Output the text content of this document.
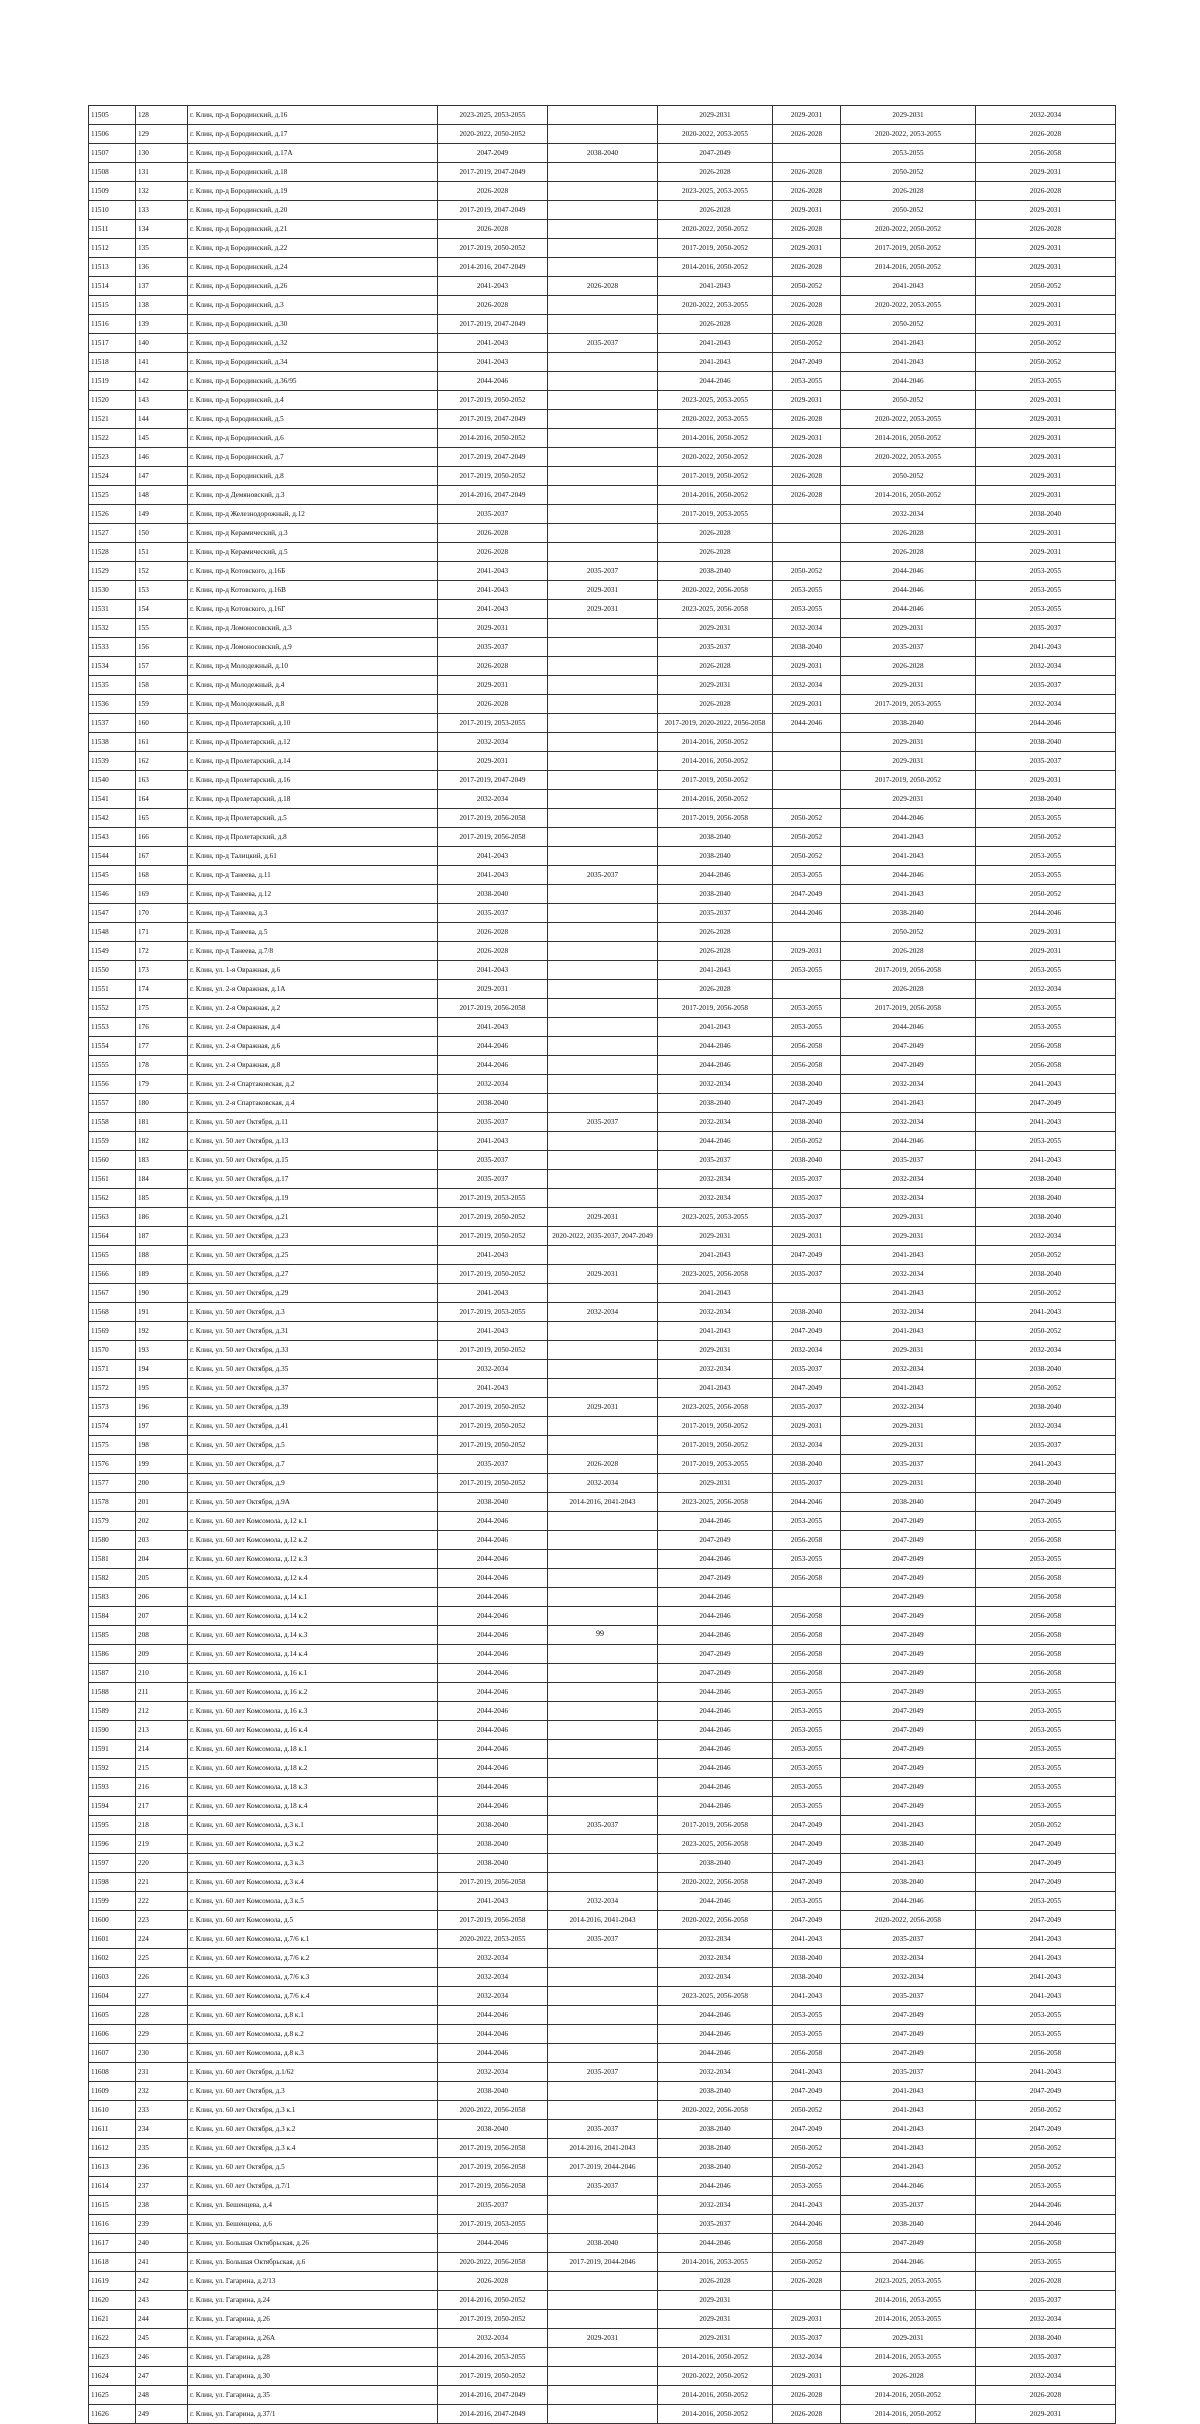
11505	128	г. Клин, пр-д Бородинский, д.16	2023-2025, 2053-2055		2029-2031	2029-2031	2029-2031	2032-2034
11506	129	г. Клин, пр-д Бородинский, д.17	2020-2022, 2050-2052		2020-2022, 2053-2055	2026-2028	2020-2022, 2053-2055	2026-2028
11507	130	г. Клин, пр-д Бородинский, д.17А	2047-2049	2038-2040	2047-2049		2053-2055	2056-2058
11508	131	г. Клин, пр-д Бородинский, д.18	2017-2019, 2047-2049		2026-2028	2026-2028	2050-2052	2029-2031
11509	132	г. Клин, пр-д Бородинский, д.19	2026-2028		2023-2025, 2053-2055	2026-2028	2026-2028	2026-2028
11510	133	г. Клин, пр-д Бородинский, д.20	2017-2019, 2047-2049		2026-2028	2029-2031	2050-2052	2029-2031
11511	134	г. Клин, пр-д Бородинский, д.21	2026-2028		2020-2022, 2050-2052	2026-2028	2020-2022, 2050-2052	2026-2028
11512	135	г. Клин, пр-д Бородинский, д.22	2017-2019, 2050-2052		2017-2019, 2050-2052	2029-2031	2017-2019, 2050-2052	2029-2031
11513	136	г. Клин, пр-д Бородинский, д.24	2014-2016, 2047-2049		2014-2016, 2050-2052	2026-2028	2014-2016, 2050-2052	2029-2031
11514	137	г. Клин, пр-д Бородинский, д.26	2041-2043	2026-2028	2041-2043	2050-2052	2041-2043	2050-2052
11515	138	г. Клин, пр-д Бородинский, д.3	2026-2028		2020-2022, 2053-2055	2026-2028	2020-2022, 2053-2055	2029-2031
11516	139	г. Клин, пр-д Бородинский, д.30	2017-2019, 2047-2049		2026-2028	2026-2028	2050-2052	2029-2031
11517	140	г. Клин, пр-д Бородинский, д.32	2041-2043	2035-2037	2041-2043	2050-2052	2041-2043	2050-2052
11518	141	г. Клин, пр-д Бородинский, д.34	2041-2043		2041-2043	2047-2049	2041-2043	2050-2052
11519	142	г. Клин, пр-д Бородинский, д.36/95	2044-2046		2044-2046	2053-2055	2044-2046	2053-2055
11520	143	г. Клин, пр-д Бородинский, д.4	2017-2019, 2050-2052		2023-2025, 2053-2055	2029-2031	2050-2052	2029-2031
11521	144	г. Клин, пр-д Бородинский, д.5	2017-2019, 2047-2049		2020-2022, 2053-2055	2026-2028	2020-2022, 2053-2055	2029-2031
11522	145	г. Клин, пр-д Бородинский, д.6	2014-2016, 2050-2052		2014-2016, 2050-2052	2029-2031	2014-2016, 2050-2052	2029-2031
11523	146	г. Клин, пр-д Бородинский, д.7	2017-2019, 2047-2049		2020-2022, 2050-2052	2026-2028	2020-2022, 2053-2055	2029-2031
11524	147	г. Клин, пр-д Бородинский, д.8	2017-2019, 2050-2052		2017-2019, 2050-2052	2026-2028	2050-2052	2029-2031
11525	148	г. Клин, пр-д Демяновский, д.3	2014-2016, 2047-2049		2014-2016, 2050-2052	2026-2028	2014-2016, 2050-2052	2029-2031
11526	149	г. Клин, пр-д Железнодорожный, д.12	2035-2037		2017-2019, 2053-2055		2032-2034	2038-2040
11527	150	г. Клин, пр-д Керамический, д.3	2026-2028		2026-2028		2026-2028	2029-2031
11528	151	г. Клин, пр-д Керамический, д.5	2026-2028		2026-2028		2026-2028	2029-2031
11529	152	г. Клин, пр-д Котовского, д.16Б	2041-2043	2035-2037	2038-2040	2050-2052	2044-2046	2053-2055
11530	153	г. Клин, пр-д Котовского, д.16В	2041-2043	2029-2031	2020-2022, 2056-2058	2053-2055	2044-2046	2053-2055
11531	154	г. Клин, пр-д Котовского, д.16Г	2041-2043	2029-2031	2023-2025, 2056-2058	2053-2055	2044-2046	2053-2055
11532	155	г. Клин, пр-д Ломоносовский, д.3	2029-2031		2029-2031	2032-2034	2029-2031	2035-2037
11533	156	г. Клин, пр-д Ломоносовский, д.9	2035-2037		2035-2037	2038-2040	2035-2037	2041-2043
11534	157	г. Клин, пр-д Молодежный, д.10	2026-2028		2026-2028	2029-2031	2026-2028	2032-2034
11535	158	г. Клин, пр-д Молодежный, д.4	2029-2031		2029-2031	2032-2034	2029-2031	2035-2037
11536	159	г. Клин, пр-д Молодежный, д.8	2026-2028		2026-2028	2029-2031	2017-2019, 2053-2055	2032-2034
11537	160	г. Клин, пр-д Пролетарский, д.10	2017-2019, 2053-2055		2017-2019, 2020-2022, 2056-2058	2044-2046	2038-2040	2044-2046
11538	161	г. Клин, пр-д Пролетарский, д.12	2032-2034		2014-2016, 2050-2052		2029-2031	2038-2040
11539	162	г. Клин, пр-д Пролетарский, д.14	2029-2031		2014-2016, 2050-2052		2029-2031	2035-2037
11540	163	г. Клин, пр-д Пролетарский, д.16	2017-2019, 2047-2049		2017-2019, 2050-2052		2017-2019, 2050-2052	2029-2031
11541	164	г. Клин, пр-д Пролетарский, д.18	2032-2034		2014-2016, 2050-2052		2029-2031	2038-2040
11542	165	г. Клин, пр-д Пролетарский, д.5	2017-2019, 2056-2058		2017-2019, 2056-2058	2050-2052	2044-2046	2053-2055
11543	166	г. Клин, пр-д Пролетарский, д.8	2017-2019, 2056-2058		2038-2040	2050-2052	2041-2043	2050-2052
11544	167	г. Клин, пр-д Талицкий, д.61	2041-2043		2038-2040	2050-2052	2041-2043	2053-2055
11545	168	г. Клин, пр-д Танеева, д.11	2041-2043	2035-2037	2044-2046	2053-2055	2044-2046	2053-2055
11546	169	г. Клин, пр-д Танеева, д.12	2038-2040		2038-2040	2047-2049	2041-2043	2050-2052
11547	170	г. Клин, пр-д Танеева, д.3	2035-2037		2035-2037	2044-2046	2038-2040	2044-2046
11548	171	г. Клин, пр-д Танеева, д.5	2026-2028		2026-2028		2050-2052	2029-2031
11549	172	г. Клин, пр-д Танеева, д.7/8	2026-2028		2026-2028	2029-2031	2026-2028	2029-2031
11550	173	г. Клин, ул. 1-я Овражная, д.6	2041-2043		2041-2043	2053-2055	2017-2019, 2056-2058	2053-2055
11551	174	г. Клин, ул. 2-я Овражная, д.1А	2029-2031		2026-2028		2026-2028	2032-2034
11552	175	г. Клин, ул. 2-я Овражная, д.2	2017-2019, 2056-2058		2017-2019, 2056-2058	2053-2055	2017-2019, 2056-2058	2053-2055
11553	176	г. Клин, ул. 2-я Овражная, д.4	2041-2043		2041-2043	2053-2055	2044-2046	2053-2055
11554	177	г. Клин, ул. 2-я Овражная, д.6	2044-2046		2044-2046	2056-2058	2047-2049	2056-2058
11555	178	г. Клин, ул. 2-я Овражная, д.8	2044-2046		2044-2046	2056-2058	2047-2049	2056-2058
11556	179	г. Клин, ул. 2-я Спартаковская, д.2	2032-2034		2032-2034	2038-2040	2032-2034	2041-2043
11557	180	г. Клин, ул. 2-я Спартаковская, д.4	2038-2040		2038-2040	2047-2049	2041-2043	2047-2049
11558	181	г. Клин, ул. 50 лет Октября, д.11	2035-2037	2035-2037	2032-2034	2038-2040	2032-2034	2041-2043
11559	182	г. Клин, ул. 50 лет Октября, д.13	2041-2043		2044-2046	2050-2052	2044-2046	2053-2055
11560	183	г. Клин, ул. 50 лет Октября, д.15	2035-2037		2035-2037	2038-2040	2035-2037	2041-2043
11561	184	г. Клин, ул. 50 лет Октября, д.17	2035-2037		2032-2034	2035-2037	2032-2034	2038-2040
11562	185	г. Клин, ул. 50 лет Октября, д.19	2017-2019, 2053-2055		2032-2034	2035-2037	2032-2034	2038-2040
11563	186	г. Клин, ул. 50 лет Октября, д.21	2017-2019, 2050-2052	2029-2031	2023-2025, 2053-2055	2035-2037	2029-2031	2038-2040
11564	187	г. Клин, ул. 50 лет Октября, д.23	2017-2019, 2050-2052	2020-2022, 2035-2037, 2047-2049	2029-2031	2029-2031	2029-2031	2032-2034
11565	188	г. Клин, ул. 50 лет Октября, д.25	2041-2043		2041-2043	2047-2049	2041-2043	2050-2052
11566	189	г. Клин, ул. 50 лет Октября, д.27	2017-2019, 2050-2052	2029-2031	2023-2025, 2056-2058	2035-2037	2032-2034	2038-2040
11567	190	г. Клин, ул. 50 лет Октября, д.29	2041-2043		2041-2043		2041-2043	2050-2052
11568	191	г. Клин, ул. 50 лет Октября, д.3	2017-2019, 2053-2055	2032-2034	2032-2034	2038-2040	2032-2034	2041-2043
11569	192	г. Клин, ул. 50 лет Октября, д.31	2041-2043		2041-2043	2047-2049	2041-2043	2050-2052
11570	193	г. Клин, ул. 50 лет Октября, д.33	2017-2019, 2050-2052		2029-2031	2032-2034	2029-2031	2032-2034
11571	194	г. Клин, ул. 50 лет Октября, д.35	2032-2034		2032-2034	2035-2037	2032-2034	2038-2040
11572	195	г. Клин, ул. 50 лет Октября, д.37	2041-2043		2041-2043	2047-2049	2041-2043	2050-2052
11573	196	г. Клин, ул. 50 лет Октября, д.39	2017-2019, 2050-2052	2029-2031	2023-2025, 2056-2058	2035-2037	2032-2034	2038-2040
11574	197	г. Клин, ул. 50 лет Октября, д.41	2017-2019, 2050-2052		2017-2019, 2050-2052	2029-2031	2029-2031	2032-2034
11575	198	г. Клин, ул. 50 лет Октября, д.5	2017-2019, 2050-2052		2017-2019, 2050-2052	2032-2034	2029-2031	2035-2037
11576	199	г. Клин, ул. 50 лет Октября, д.7	2035-2037	2026-2028	2017-2019, 2053-2055	2038-2040	2035-2037	2041-2043
11577	200	г. Клин, ул. 50 лет Октября, д.9	2017-2019, 2050-2052	2032-2034	2029-2031	2035-2037	2029-2031	2038-2040
11578	201	г. Клин, ул. 50 лет Октября, д.9А	2038-2040	2014-2016, 2041-2043	2023-2025, 2056-2058	2044-2046	2038-2040	2047-2049
11579	202	г. Клин, ул. 60 лет Комсомола, д.12 к.1	2044-2046		2044-2046	2053-2055	2047-2049	2053-2055
11580	203	г. Клин, ул. 60 лет Комсомола, д.12 к.2	2044-2046		2047-2049	2056-2058	2047-2049	2056-2058
11581	204	г. Клин, ул. 60 лет Комсомола, д.12 к.3	2044-2046		2044-2046	2053-2055	2047-2049	2053-2055
11582	205	г. Клин, ул. 60 лет Комсомола, д.12 к.4	2044-2046		2047-2049	2056-2058	2047-2049	2056-2058
11583	206	г. Клин, ул. 60 лет Комсомола, д.14 к.1	2044-2046		2044-2046		2047-2049	2056-2058
11584	207	г. Клин, ул. 60 лет Комсомола, д.14 к.2	2044-2046		2044-2046	2056-2058	2047-2049	2056-2058
11585	208	г. Клин, ул. 60 лет Комсомола, д.14 к.3	2044-2046		2044-2046	2056-2058	2047-2049	2056-2058
11586	209	г. Клин, ул. 60 лет Комсомола, д.14 к.4	2044-2046		2047-2049	2056-2058	2047-2049	2056-2058
11587	210	г. Клин, ул. 60 лет Комсомола, д.16 к.1	2044-2046		2047-2049	2056-2058	2047-2049	2056-2058
11588	211	г. Клин, ул. 60 лет Комсомола, д.16 к.2	2044-2046		2044-2046	2053-2055	2047-2049	2053-2055
11589	212	г. Клин, ул. 60 лет Комсомола, д.16 к.3	2044-2046		2044-2046	2053-2055	2047-2049	2053-2055
11590	213	г. Клин, ул. 60 лет Комсомола, д.16 к.4	2044-2046		2044-2046	2053-2055	2047-2049	2053-2055
11591	214	г. Клин, ул. 60 лет Комсомола, д.18 к.1	2044-2046		2044-2046	2053-2055	2047-2049	2053-2055
11592	215	г. Клин, ул. 60 лет Комсомола, д.18 к.2	2044-2046		2044-2046	2053-2055	2047-2049	2053-2055
11593	216	г. Клин, ул. 60 лет Комсомола, д.18 к.3	2044-2046		2044-2046	2053-2055	2047-2049	2053-2055
11594	217	г. Клин, ул. 60 лет Комсомола, д.18 к.4	2044-2046		2044-2046	2053-2055	2047-2049	2053-2055
11595	218	г. Клин, ул. 60 лет Комсомола, д.3 к.1	2038-2040	2035-2037	2017-2019, 2056-2058	2047-2049	2041-2043	2050-2052
11596	219	г. Клин, ул. 60 лет Комсомола, д.3 к.2	2038-2040		2023-2025, 2056-2058	2047-2049	2038-2040	2047-2049
11597	220	г. Клин, ул. 60 лет Комсомола, д.3 к.3	2038-2040		2038-2040	2047-2049	2041-2043	2047-2049
11598	221	г. Клин, ул. 60 лет Комсомола, д.3 к.4	2017-2019, 2056-2058		2020-2022, 2056-2058	2047-2049	2038-2040	2047-2049
11599	222	г. Клин, ул. 60 лет Комсомола, д.3 к.5	2041-2043	2032-2034	2044-2046	2053-2055	2044-2046	2053-2055
11600	223	г. Клин, ул. 60 лет Комсомола, д.5	2017-2019, 2056-2058	2014-2016, 2041-2043	2020-2022, 2056-2058	2047-2049	2020-2022, 2056-2058	2047-2049
11601	224	г. Клин, ул. 60 лет Комсомола, д.7/6 к.1	2020-2022, 2053-2055	2035-2037	2032-2034	2041-2043	2035-2037	2041-2043
11602	225	г. Клин, ул. 60 лет Комсомола, д.7/6 к.2	2032-2034		2032-2034	2038-2040	2032-2034	2041-2043
11603	226	г. Клин, ул. 60 лет Комсомола, д.7/6 к.3	2032-2034		2032-2034	2038-2040	2032-2034	2041-2043
11604	227	г. Клин, ул. 60 лет Комсомола, д.7/6 к.4	2032-2034		2023-2025, 2056-2058	2041-2043	2035-2037	2041-2043
11605	228	г. Клин, ул. 60 лет Комсомола, д.8 к.1	2044-2046		2044-2046	2053-2055	2047-2049	2053-2055
11606	229	г. Клин, ул. 60 лет Комсомола, д.8 к.2	2044-2046		2044-2046	2053-2055	2047-2049	2053-2055
11607	230	г. Клин, ул. 60 лет Комсомола, д.8 к.3	2044-2046		2044-2046	2056-2058	2047-2049	2056-2058
11608	231	г. Клин, ул. 60 лет Октября, д.1/62	2032-2034	2035-2037	2032-2034	2041-2043	2035-2037	2041-2043
11609	232	г. Клин, ул. 60 лет Октября, д.3	2038-2040		2038-2040	2047-2049	2041-2043	2047-2049
11610	233	г. Клин, ул. 60 лет Октября, д.3 к.1	2020-2022, 2056-2058		2020-2022, 2056-2058	2050-2052	2041-2043	2050-2052
11611	234	г. Клин, ул. 60 лет Октября, д.3 к.2	2038-2040	2035-2037	2038-2040	2047-2049	2041-2043	2047-2049
11612	235	г. Клин, ул. 60 лет Октября, д.3 к.4	2017-2019, 2056-2058	2014-2016, 2041-2043	2038-2040	2050-2052	2041-2043	2050-2052
11613	236	г. Клин, ул. 60 лет Октября, д.5	2017-2019, 2056-2058	2017-2019, 2044-2046	2038-2040	2050-2052	2041-2043	2050-2052
11614	237	г. Клин, ул. 60 лет Октября, д.7/1	2017-2019, 2056-2058	2035-2037	2044-2046	2053-2055	2044-2046	2053-2055
11615	238	г. Клин, ул. Бешенцева, д.4	2035-2037		2032-2034	2041-2043	2035-2037	2044-2046
11616	239	г. Клин, ул. Бешенцева, д.6	2017-2019, 2053-2055		2035-2037	2044-2046	2038-2040	2044-2046
11617	240	г. Клин, ул. Большая Октябрьская, д.26	2044-2046	2038-2040	2044-2046	2056-2058	2047-2049	2056-2058
11618	241	г. Клин, ул. Большая Октябрьская, д.6	2020-2022, 2056-2058	2017-2019, 2044-2046	2014-2016, 2053-2055	2050-2052	2044-2046	2053-2055
11619	242	г. Клин, ул. Гагарина, д.2/13	2026-2028		2026-2028	2026-2028	2023-2025, 2053-2055	2026-2028
11620	243	г. Клин, ул. Гагарина, д.24	2014-2016, 2050-2052		2029-2031		2014-2016, 2053-2055	2035-2037
11621	244	г. Клин, ул. Гагарина, д.26	2017-2019, 2050-2052		2029-2031	2029-2031	2014-2016, 2053-2055	2032-2034
11622	245	г. Клин, ул. Гагарина, д.26А	2032-2034	2029-2031	2029-2031	2035-2037	2029-2031	2038-2040
11623	246	г. Клин, ул. Гагарина, д.28	2014-2016, 2053-2055		2014-2016, 2050-2052	2032-2034	2014-2016, 2053-2055	2035-2037
11624	247	г. Клин, ул. Гагарина, д.30	2017-2019, 2050-2052		2020-2022, 2050-2052	2029-2031	2026-2028	2032-2034
11625	248	г. Клин, ул. Гагарина, д.35	2014-2016, 2047-2049		2014-2016, 2050-2052	2026-2028	2014-2016, 2050-2052	2026-2028
11626	249	г. Клин, ул. Гагарина, д.37/1	2014-2016, 2047-2049		2014-2016, 2050-2052	2026-2028	2014-2016, 2050-2052	2029-2031
99
